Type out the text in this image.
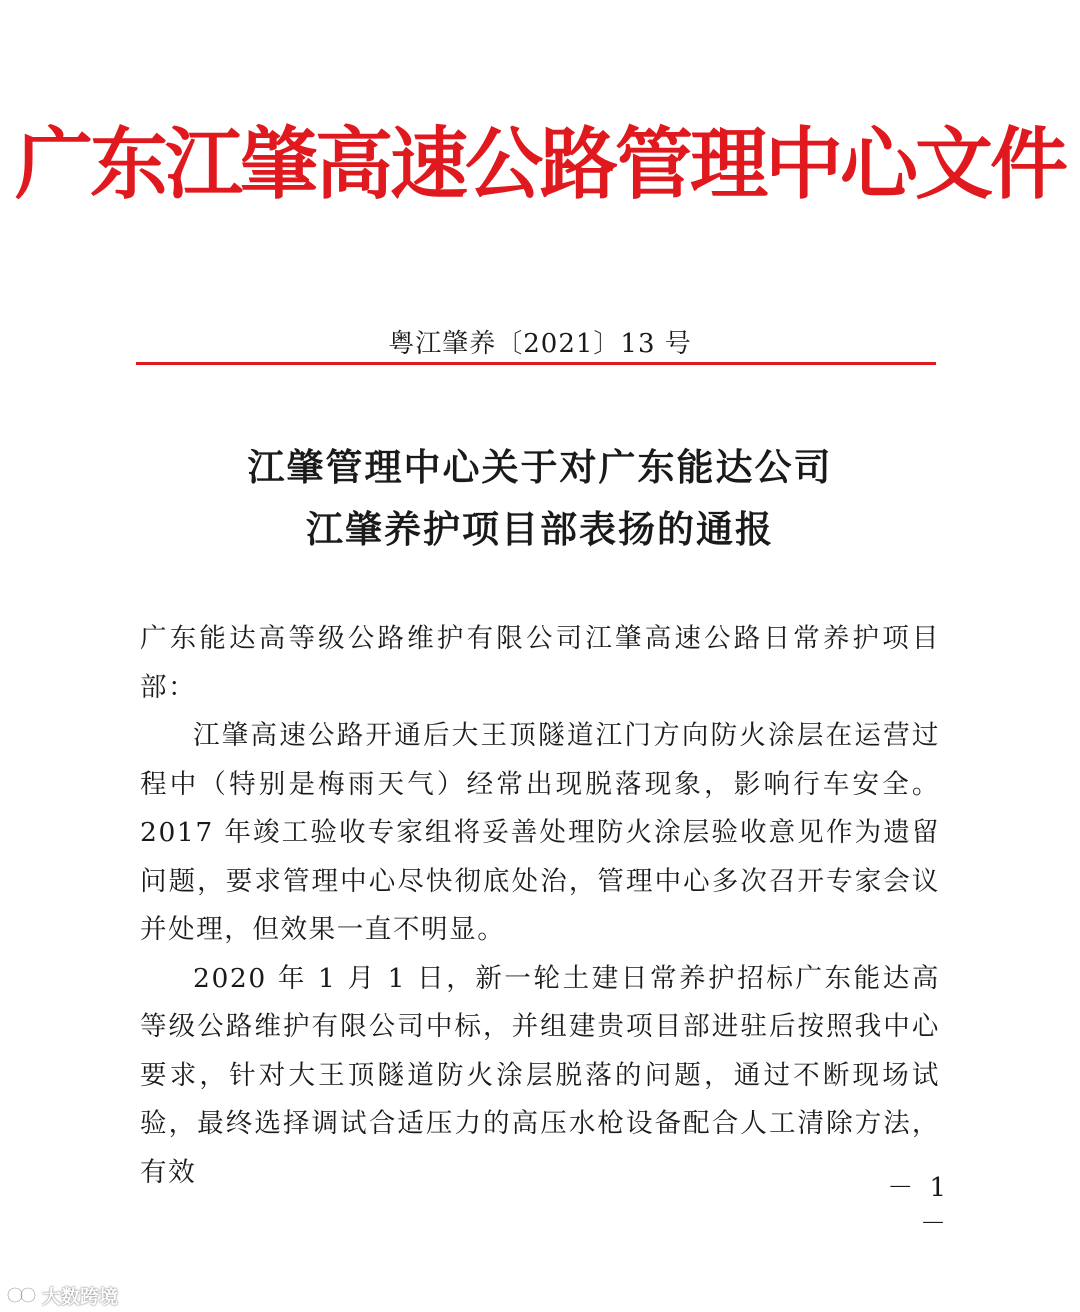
广东江肇高速公路管理中心文件
粤江肇养〔2021〕13 号
江肇管理中心关于对广东能达公司
江肇养护项目部表扬的通报

广东能达高等级公路维护有限公司江肇高速公路日常养护项目部：

江肇高速公路开通后大王顶隧道江门方向防火涂层在运营过程中（特别是梅雨天气）经常出现脱落现象，影响行车安全。2017 年竣工验收专家组将妥善处理防火涂层验收意见作为遗留问题，要求管理中心尽快彻底处治，管理中心多次召开专家会议并处理，但效果一直不明显。

2020 年 1 月 1 日，新一轮土建日常养护招标广东能达高等级公路维护有限公司中标，并组建贵项目部进驻后按照我中心要求，针对大王顶隧道防火涂层脱落的问题，通过不断现场试验，最终选择调试合适压力的高压水枪设备配合人工清除方法，有效

－ 1 －
大数跨境
